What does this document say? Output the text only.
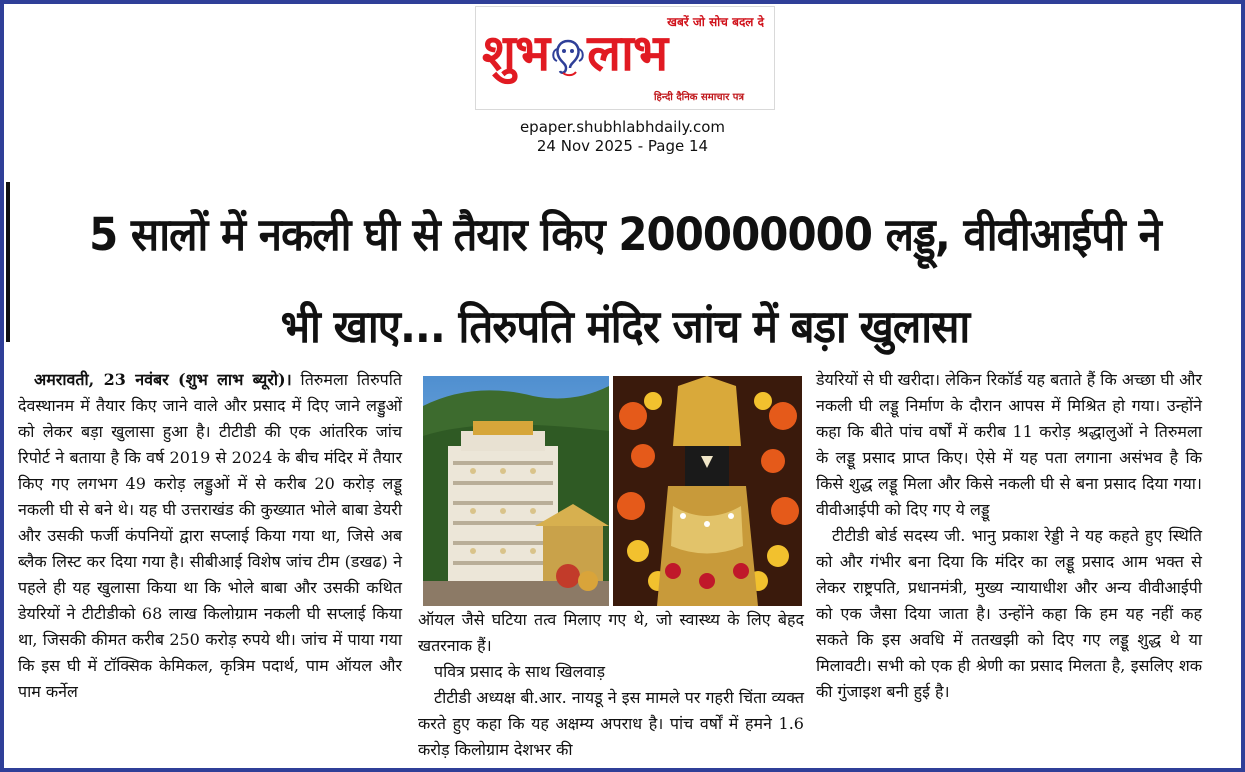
खबरें जो सोच बदल दे
शुभ लाभ
हिन्दी दैनिक समाचार पत्र
epaper.shubhlabhdaily.com
24 Nov 2025 - Page 14
5 सालों में नकली घी से तैयार किए 200000000 लड्डू, वीवीआईपी ने
भी खाए... तिरुपति मंदिर जांच में बड़ा खुलासा

अमरावती, 23 नवंबर (शुभ लाभ ब्यूरो)। तिरुमला तिरुपति देवस्थानम में तैयार किए जाने वाले और प्रसाद में दिए जाने लड्डुओं को लेकर बड़ा खुलासा हुआ है। टीटीडी की एक आंतरिक जांच रिपोर्ट ने बताया है कि वर्ष 2019 से 2024 के बीच मंदिर में तैयार किए गए लगभग 49 करोड़ लड्डुओं में से करीब 20 करोड़ लड्डू नकली घी से बने थे। यह घी उत्तराखंड की कुख्यात भोले बाबा डेयरी और उसकी फर्जी कंपनियों द्वारा सप्लाई किया गया था, जिसे अब ब्लैक लिस्ट कर दिया गया है। सीबीआई विशेष जांच टीम (डखढ) ने पहले ही यह खुलासा किया था कि भोले बाबा और उसकी कथित डेयरियों ने टीटीडीको 68 लाख किलोग्राम नकली घी सप्लाई किया था, जिसकी कीमत करीब 250 करोड़ रुपये थी। जांच में पाया गया कि इस घी में टॉक्सिक केमिकल, कृत्रिम पदार्थ, पाम ऑयल और पाम कर्नेल

ऑयल जैसे घटिया तत्व मिलाए गए थे, जो स्वास्थ्य के लिए बेहद खतरनाक हैं।

पवित्र प्रसाद के साथ खिलवाड़

टीटीडी अध्यक्ष बी.आर. नायडू ने इस मामले पर गहरी चिंता व्यक्त करते हुए कहा कि यह अक्षम्य अपराध है। पांच वर्षों में हमने 1.6 करोड़ किलोग्राम देशभर की

डेयरियों से घी खरीदा। लेकिन रिकॉर्ड यह बताते हैं कि अच्छा घी और नकली घी लड्डू निर्माण के दौरान आपस में मिश्रित हो गया। उन्होंने कहा कि बीते पांच वर्षों में करीब 11 करोड़ श्रद्धालुओं ने तिरुमला के लड्डू प्रसाद प्राप्त किए। ऐसे में यह पता लगाना असंभव है कि किसे शुद्ध लड्डू मिला और किसे नकली घी से बना प्रसाद दिया गया।वीवीआईपी को दिए गए ये लड्डू

टीटीडी बोर्ड सदस्य जी. भानु प्रकाश रेड्डी ने यह कहते हुए स्थिति को और गंभीर बना दिया कि मंदिर का लड्डू प्रसाद आम भक्त से लेकर राष्ट्रपति, प्रधानमंत्री, मुख्य न्यायाधीश और अन्य वीवीआईपी को एक जैसा दिया जाता है। उन्होंने कहा कि हम यह नहीं कह सकते कि इस अवधि में ततखझी को दिए गए लड्डू शुद्ध थे या मिलावटी। सभी को एक ही श्रेणी का प्रसाद मिलता है, इसलिए शक की गुंजाइश बनी हुई है।
